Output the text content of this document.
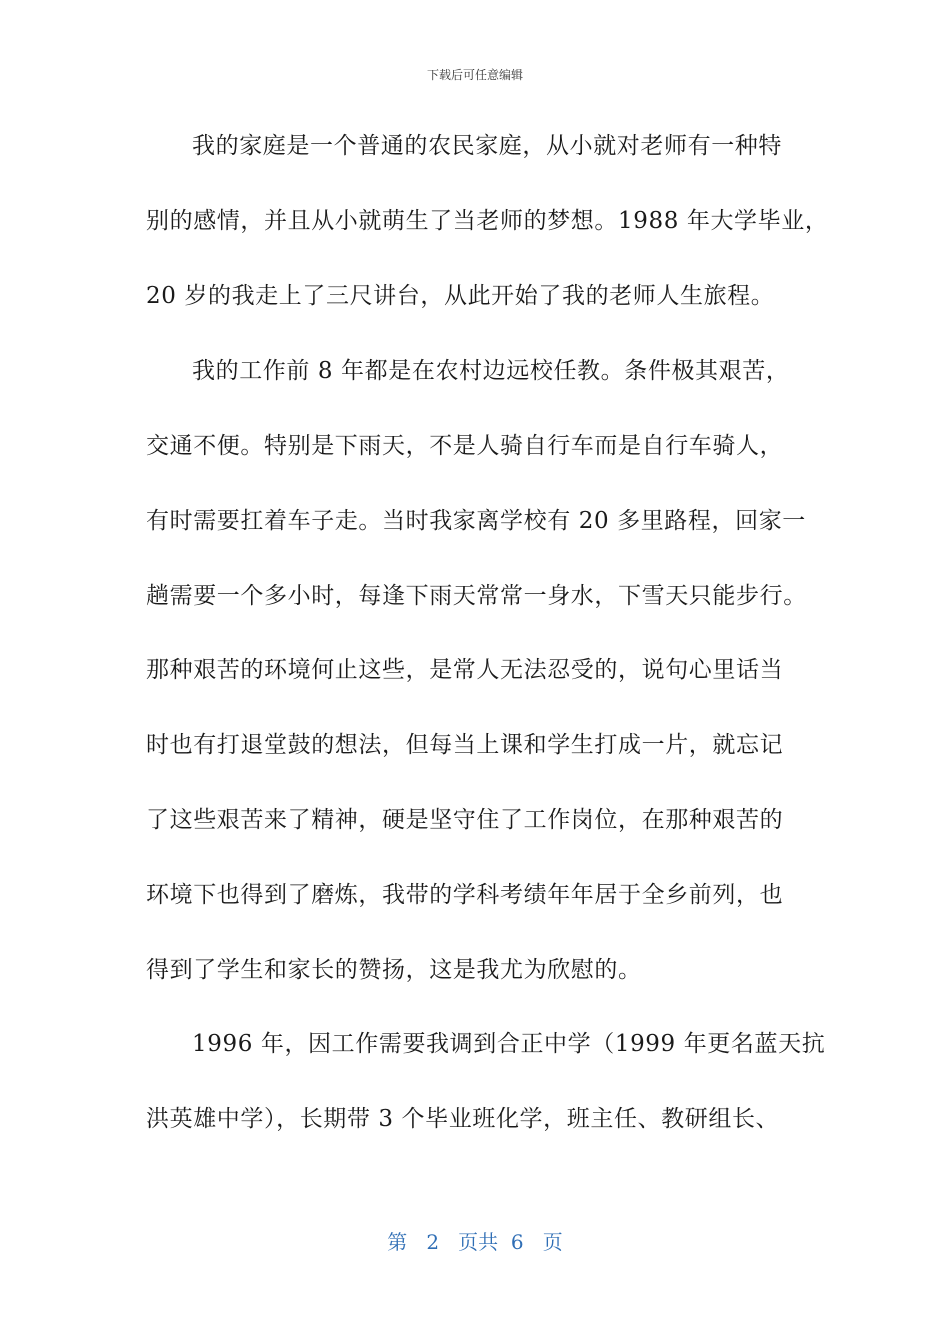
下载后可任意编辑
我的家庭是一个普通的农民家庭，从小就对老师有一种特
别的感情，并且从小就萌生了当老师的梦想。1988 年大学毕业，
20 岁的我走上了三尺讲台，从此开始了我的老师人生旅程。
我的工作前 8 年都是在农村边远校任教。条件极其艰苦，
交通不便。特别是下雨天，不是人骑自行车而是自行车骑人，
有时需要扛着车子走。当时我家离学校有 20 多里路程，回家一
趟需要一个多小时，每逢下雨天常常一身水，下雪天只能步行。
那种艰苦的环境何止这些，是常人无法忍受的，说句心里话当
时也有打退堂鼓的想法，但每当上课和学生打成一片，就忘记
了这些艰苦来了精神，硬是坚守住了工作岗位，在那种艰苦的
环境下也得到了磨炼，我带的学科考绩年年居于全乡前列，也
得到了学生和家长的赞扬，这是我尤为欣慰的。
1996 年，因工作需要我调到合正中学（1999 年更名蓝天抗
洪英雄中学），长期带 3 个毕业班化学，班主任、教研组长、
第 2 页共 6 页
